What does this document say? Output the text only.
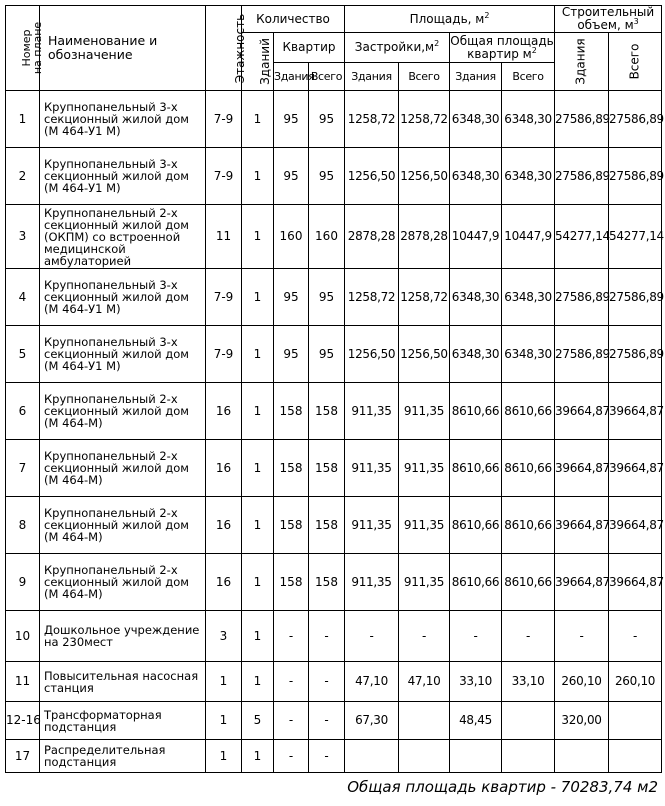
Номер
на плане	Наименование и обозначение	Этажность	Количество			Площадь, $м^2$				Строительный объем, $м^3$
			Зданий	Квартир		$Застройки,м^2$		Общая площадь квартир $м^2$		Здания	Всего
				Здания	Всего	Здания	Всего	Здания	Всего		
1	Крупнопанельный 3-х секционный жилой дом (М 464-У1 М)	7-9	1	95	95	1258,72	1258,72	6348,30	6348,30	27586,89	27586,89
2	Крупнопанельный 3-х секционный жилой дом (М 464-У1 М)	7-9	1	95	95	1256,50	1256,50	6348,30	6348,30	27586,89	27586,89
3	Крупнопанельный 2-х секционный жилой дом (ОКПМ) со встроенной медицинской амбулаторией	11	1	160	160	2878,28	2878,28	10447,9	10447,9	54277,14	54277,14
4	Крупнопанельный 3-х секционный жилой дом (М 464-У1 М)	7-9	1	95	95	1258,72	1258,72	6348,30	6348,30	27586,89	27586,89
5	Крупнопанельный 3-х секционный жилой дом (М 464-У1 М)	7-9	1	95	95	1256,50	1256,50	6348,30	6348,30	27586,89	27586,89
6	Крупнопанельный 2-х секционный жилой дом (М 464-М)	16	1	158	158	911,35	911,35	8610,66	8610,66	39664,87	39664,87
7	Крупнопанельный 2-х секционный жилой дом (М 464-М)	16	1	158	158	911,35	911,35	8610,66	8610,66	39664,87	39664,87
8	Крупнопанельный 2-х секционный жилой дом (М 464-М)	16	1	158	158	911,35	911,35	8610,66	8610,66	39664,87	39664,87
9	Крупнопанельный 2-х секционный жилой дом (М 464-М)	16	1	158	158	911,35	911,35	8610,66	8610,66	39664,87	39664,87
10	Дошкольное учреждение на 230мест	3	1	-	-	-	-	-	-	-	-
11	Повысительная насосная станция	1	1	-	-	47,10	47,10	33,10	33,10	260,10	260,10
12-16	Трансформаторная подстанция	1	5	-	-	67,30		48,45		320,00	
17	Распределительная подстанция	1	1	-	-						
Общая площадь квартир - 70283,74 м2
